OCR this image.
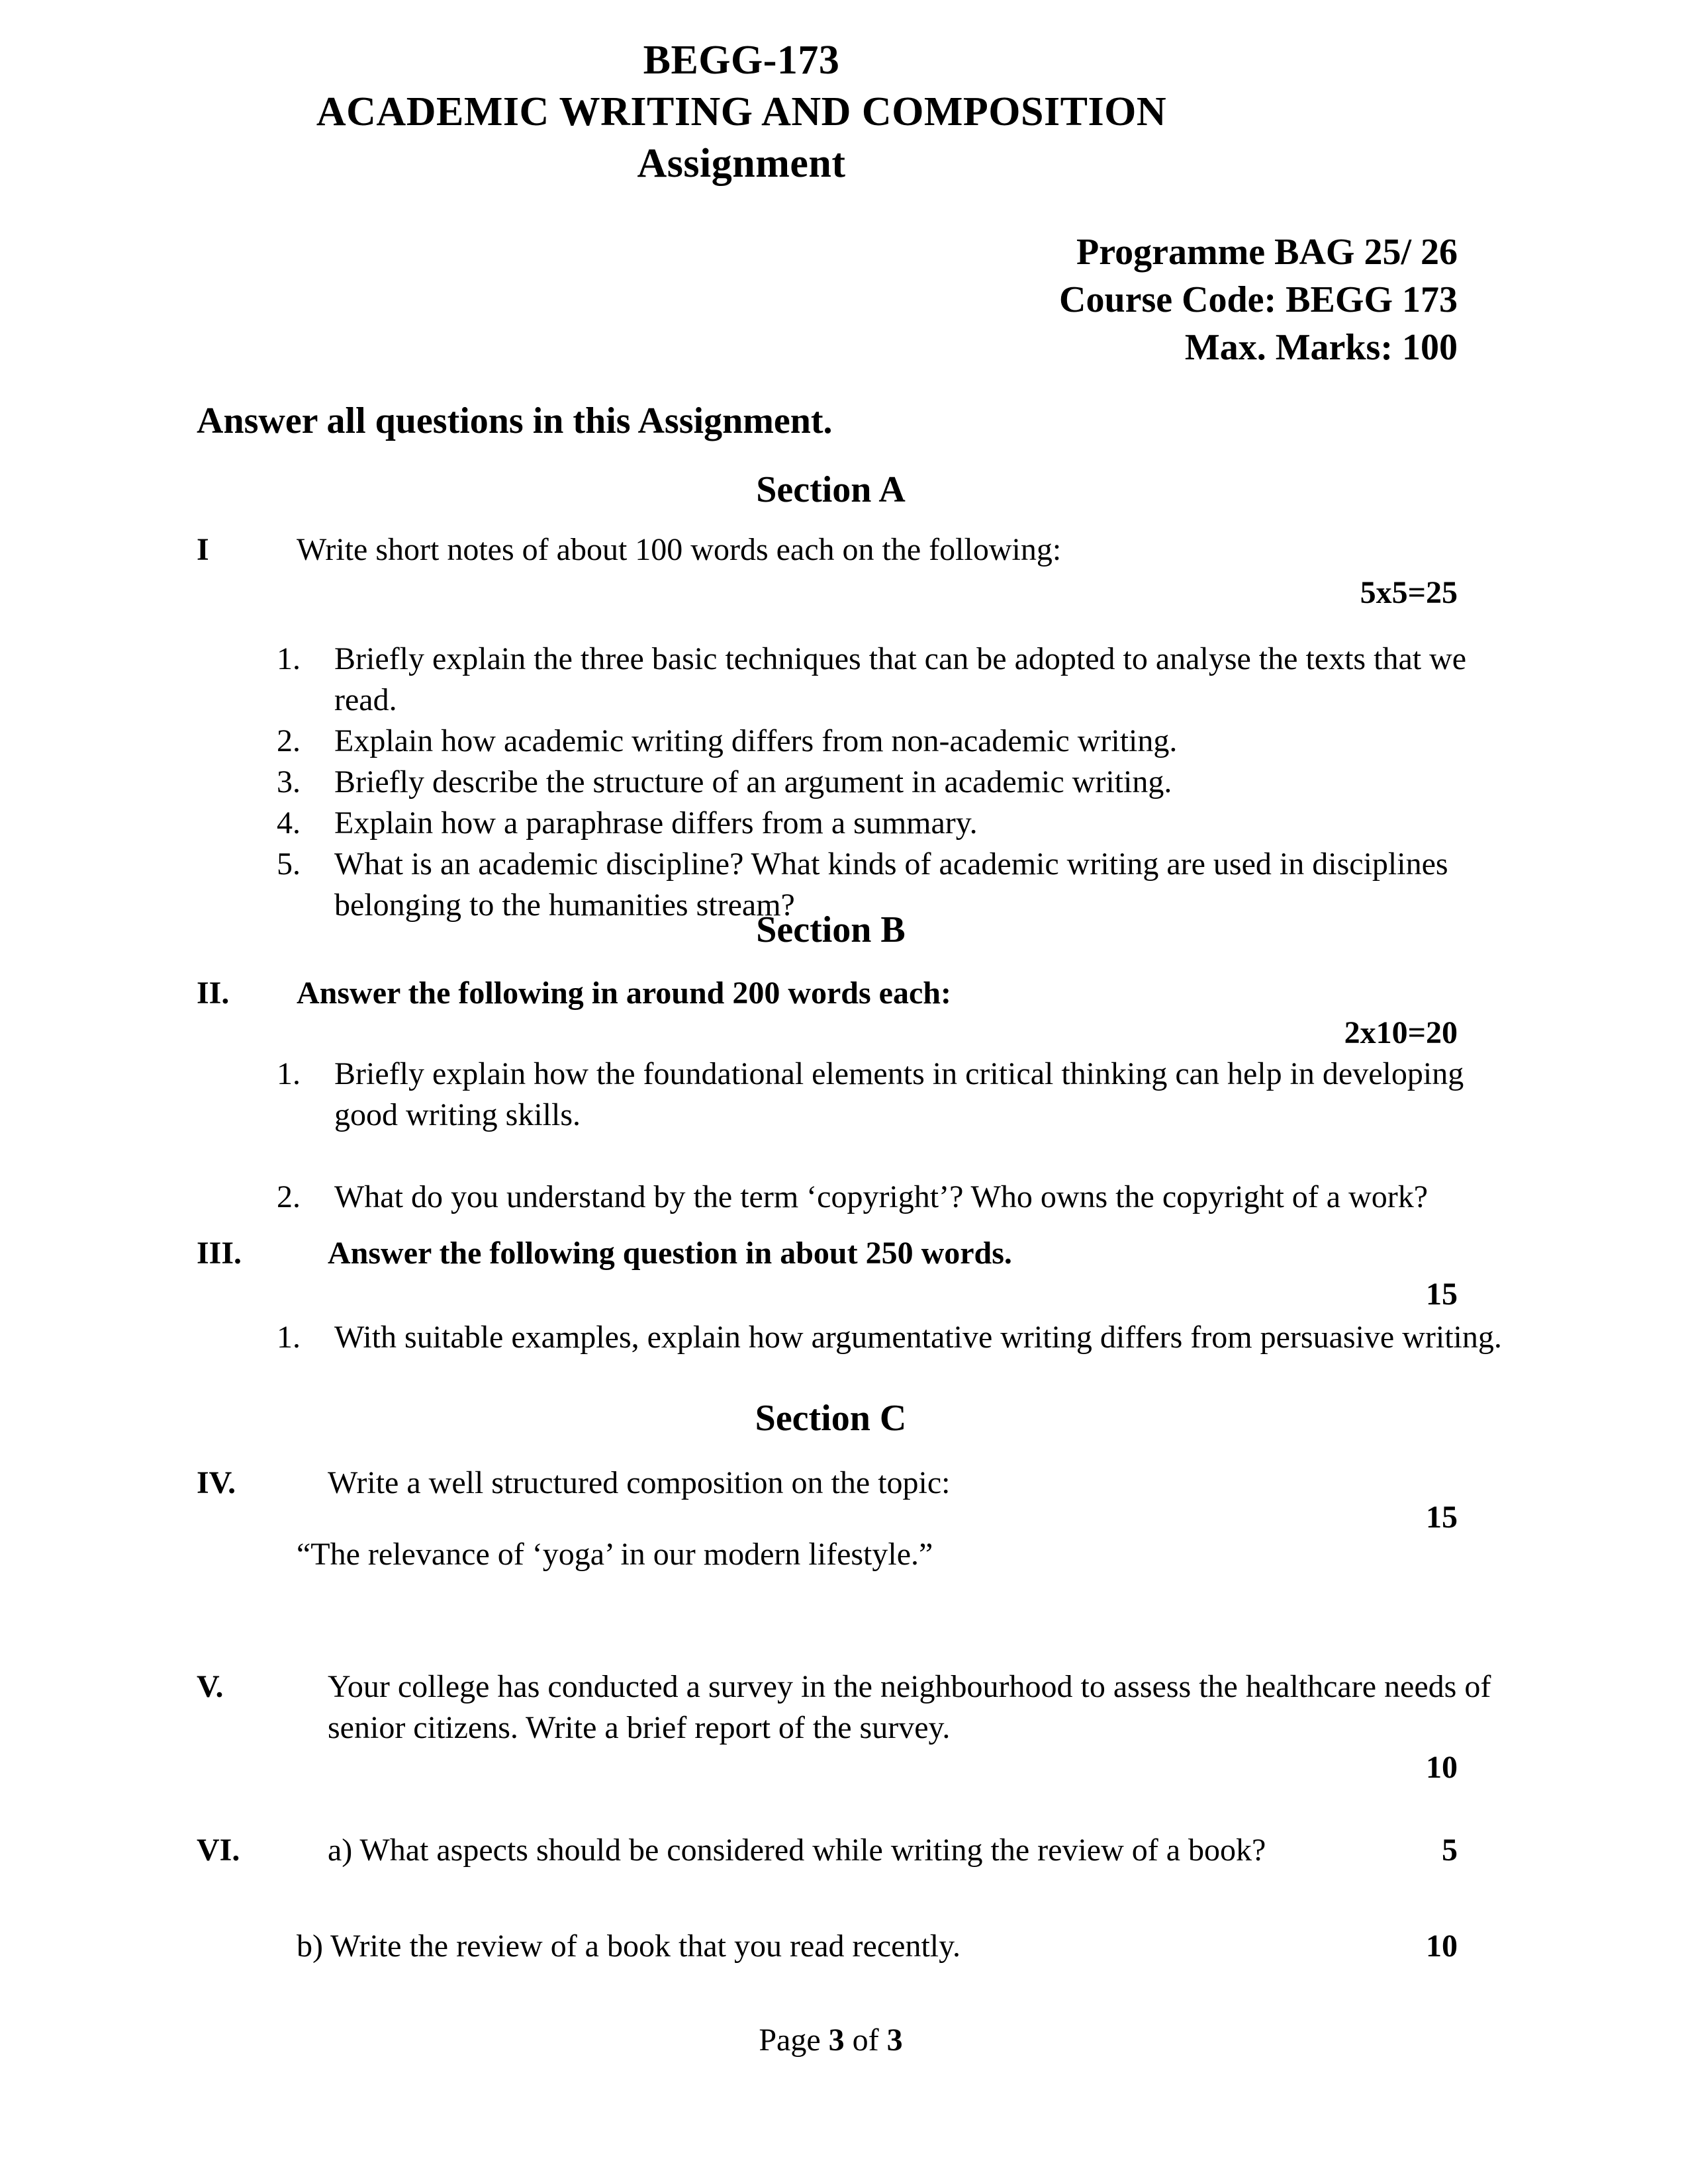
BEGG-173
ACADEMIC WRITING AND COMPOSITION
Assignment
Programme BAG 25/ 26
Course Code: BEGG 173
Max. Marks: 100
Answer all questions in this Assignment.
Section A
I	Write short notes of about 100 words each on the following:
5x5=25
1.	Briefly explain the three basic techniques that can be adopted to analyse the texts that we read.
2.	Explain how academic writing differs from non-academic writing.
3.	Briefly describe the structure of an argument in academic writing.
4.	Explain how a paraphrase differs from a summary.
5.	What is an academic discipline? What kinds of academic writing are used in disciplines belonging to the humanities stream?
Section B
II.	Answer the following in around 200 words each:
2x10=20
1.	Briefly explain how the foundational elements in critical thinking can help in developing good writing skills.
2.	What do you understand by the term ‘copyright’? Who owns the copyright of a work?
III.	Answer the following question in about 250 words.
15
1.	With suitable examples, explain how argumentative writing differs from persuasive writing.
Section C
IV.	Write a well structured composition on the topic:
15
“The relevance of ‘yoga’ in our modern lifestyle.”
V.	Your college has conducted a survey in the neighbourhood to assess the healthcare needs of senior citizens. Write a brief report of the survey.
10
VI.	a) What aspects should be considered while writing the review of a book?	5
b) Write the review of a book that you read recently.	10
Page 3 of 3
